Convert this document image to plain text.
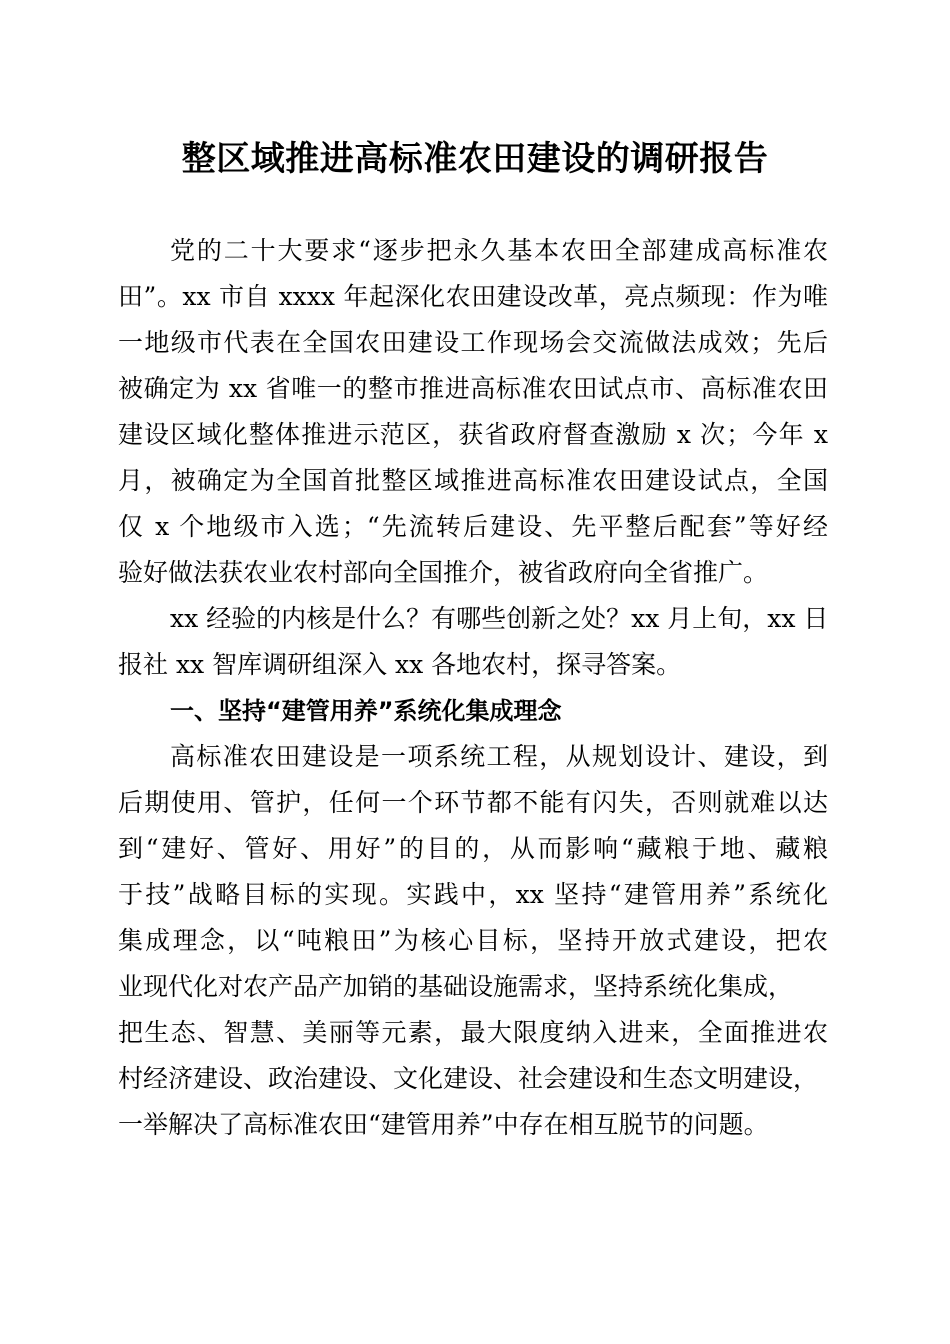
整区域推进高标准农田建设的调研报告
党的二十大要求“逐步把永久基本农田全部建成高标准农
田”。xx 市自 xxxx 年起深化农田建设改革，亮点频现：作为唯
一地级市代表在全国农田建设工作现场会交流做法成效；先后
被确定为 xx 省唯一的整市推进高标准农田试点市、高标准农田
建设区域化整体推进示范区，获省政府督查激励 x 次；今年 x
月，被确定为全国首批整区域推进高标准农田建设试点，全国
仅 x 个地级市入选；“先流转后建设、先平整后配套”等好经
验好做法获农业农村部向全国推介，被省政府向全省推广。
xx 经验的内核是什么？有哪些创新之处？xx 月上旬，xx 日
报社 xx 智库调研组深入 xx 各地农村，探寻答案。
一、坚持“建管用养”系统化集成理念
高标准农田建设是一项系统工程，从规划设计、建设，到
后期使用、管护，任何一个环节都不能有闪失，否则就难以达
到“建好、管好、用好”的目的，从而影响“藏粮于地、藏粮
于技”战略目标的实现。实践中，xx 坚持“建管用养”系统化
集成理念，以“吨粮田”为核心目标，坚持开放式建设，把农
业现代化对农产品产加销的基础设施需求，坚持系统化集成，
把生态、智慧、美丽等元素，最大限度纳入进来，全面推进农
村经济建设、政治建设、文化建设、社会建设和生态文明建设，
一举解决了高标准农田“建管用养”中存在相互脱节的问题。
